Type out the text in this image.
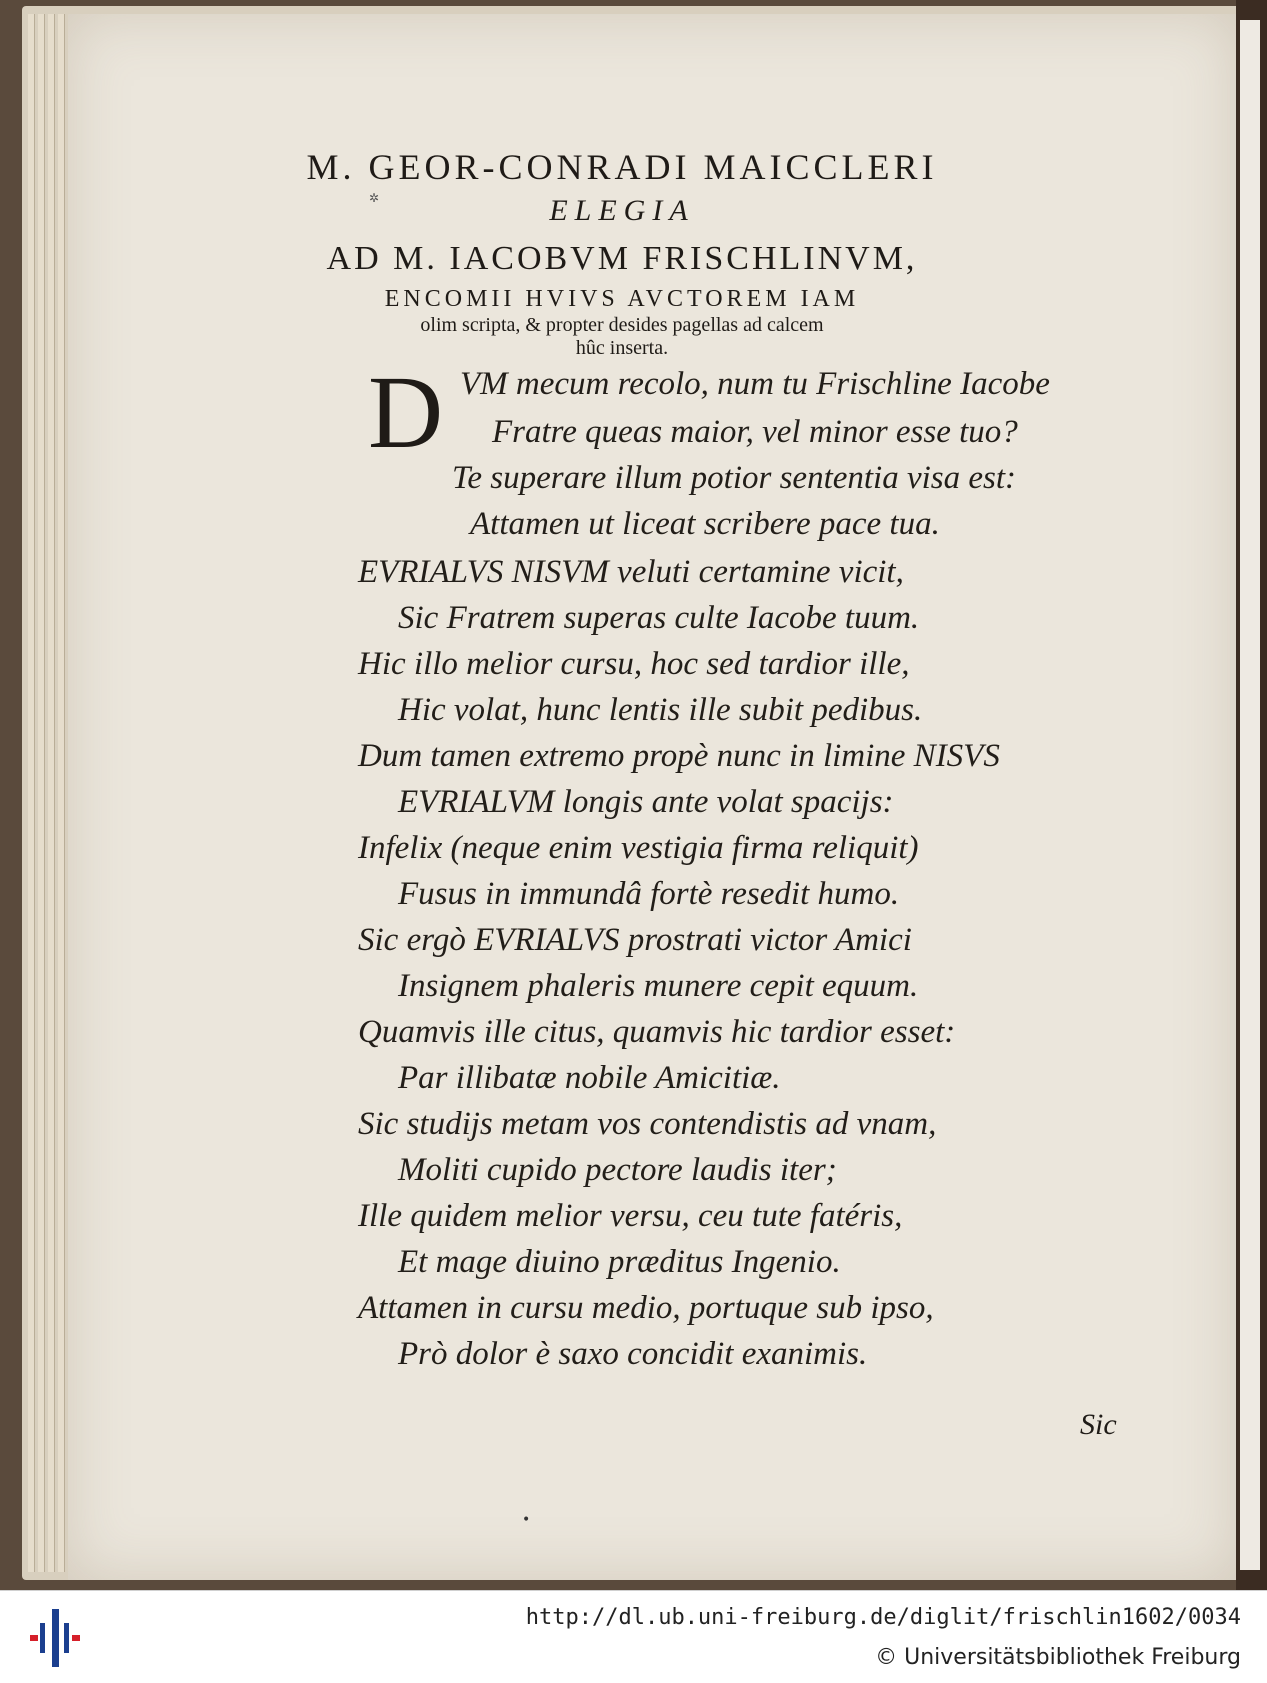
✲
M. GEOR-CONRADI MAICCLERI
ELEGIA
AD M. IACOBVM FRISCHLINVM,
ENCOMII HVIVS AVCTOREM IAM
olim scripta, & propter desides pagellas ad calcem
hûc inserta.
D VM mecum recolo, num tu Frischline Iacobe
Fratre queas maior, vel minor esse tuo?
Te superare illum potior sententia visa est:
Attamen ut liceat scribere pace tua.
EVRIALVS NISVM veluti certamine vicit,
Sic Fratrem superas culte Iacobe tuum.
Hic illo melior cursu, hoc sed tardior ille,
Hic volat, hunc lentis ille subit pedibus.
Dum tamen extremo propè nunc in limine NISVS
EVRIALVM longis ante volat spacijs:
Infelix (neque enim vestigia firma reliquit)
Fusus in immundâ fortè resedit humo.
Sic ergò EVRIALVS prostrati victor Amici
Insignem phaleris munere cepit equum.
Quamvis ille citus, quamvis hic tardior esset:
Par illibatæ nobile Amicitiæ.
Sic studijs metam vos contendistis ad vnam,
Moliti cupido pectore laudis iter;
Ille quidem melior versu, ceu tute fatéris,
Et mage diuino præditus Ingenio.
Attamen in cursu medio, portuque sub ipso,
Prò dolor è saxo concidit exanimis.
Sic
•
http://dl.ub.uni-freiburg.de/diglit/frischlin1602/0034
© Universitätsbibliothek Freiburg
